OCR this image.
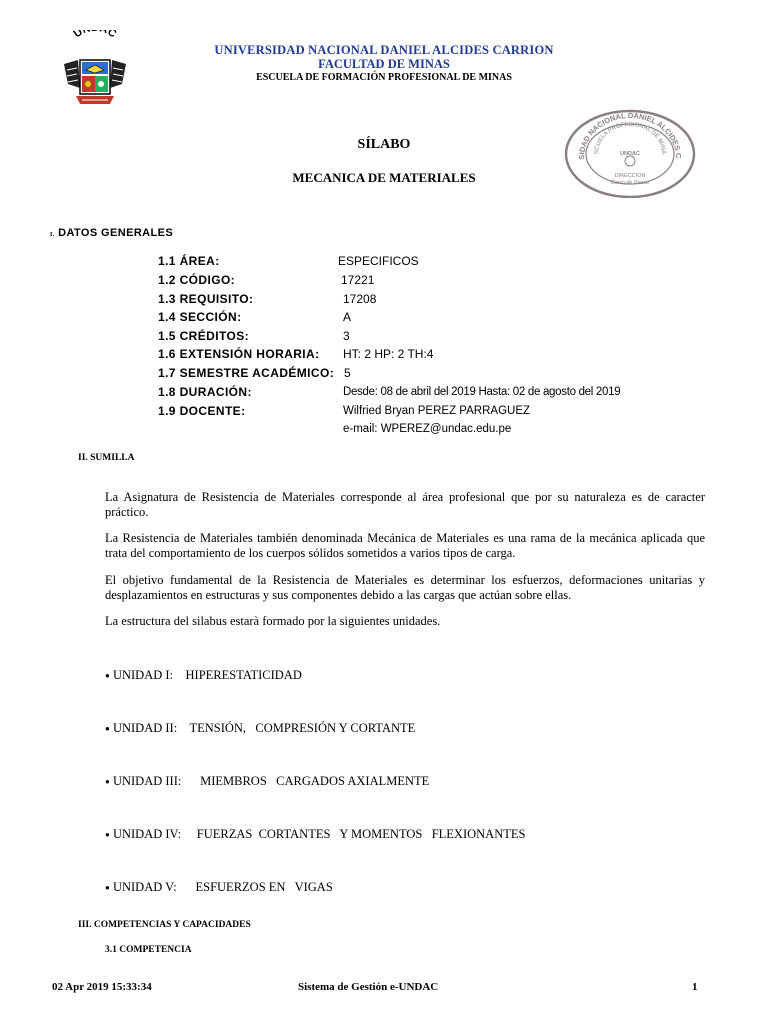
U C
UNIVERSIDAD NACIONAL DANIEL ALCIDES CARRION
FACULTAD DE MINAS
ESCUELA DE FORMACIÓN PROFESIONAL DE MINAS
SIDAD NACIONAL DANIEL ALCIDES C
SCUELA PROFESIONAL DE MINA
UNDAC
DIRECCION
Cerro de Pasco
SÍLABO
MECANICA DE MATERIALES
I. DATOS GENERALES
1.1 ÁREA:	ESPECIFICOS
1.2 CÓDIGO:	17221
1.3 REQUISITO:	17208
1.4 SECCIÓN:	A
1.5 CRÉDITOS:	3
1.6 EXTENSIÓN HORARIA:	HT: 2 HP: 2 TH:4
1.7 SEMESTRE ACADÉMICO: 5
1.8 DURACIÓN:	Desde: 08 de abril del 2019 Hasta: 02 de agosto del 2019
1.9 DOCENTE:	Wilfried Bryan PEREZ PARRAGUEZ
e-mail: WPEREZ@undac.edu.pe
II. SUMILLA
La Asignatura de Resistencia de Materiales corresponde al área profesional que por su naturaleza es de caracter práctico.
La Resistencia de Materiales también denominada Mecánica de Materiales es una rama de la mecánica aplicada que trata del comportamiento de los cuerpos sólidos sometidos a varios tipos de carga.
El objetivo fundamental de la Resistencia de Materiales es determinar los esfuerzos, deformaciones unitarias y desplazamientos en estructuras y sus componentes debido a las cargas que actúan sobre ellas.
La estructura del silabus estarà formado por la siguientes unidades.
● UNIDAD I:    HIPERESTATICIDAD
● UNIDAD II:    TENSIÓN,   COMPRESIÓN Y CORTANTE
● UNIDAD III:      MIEMBROS   CARGADOS AXIALMENTE
● UNIDAD IV:     FUERZAS  CORTANTES   Y MOMENTOS   FLEXIONANTES
● UNIDAD V:      ESFUERZOS EN   VIGAS
III. COMPETENCIAS Y CAPACIDADES
3.1 COMPETENCIA
02 Apr 2019 15:33:34	Sistema de Gestión e-UNDAC	1
